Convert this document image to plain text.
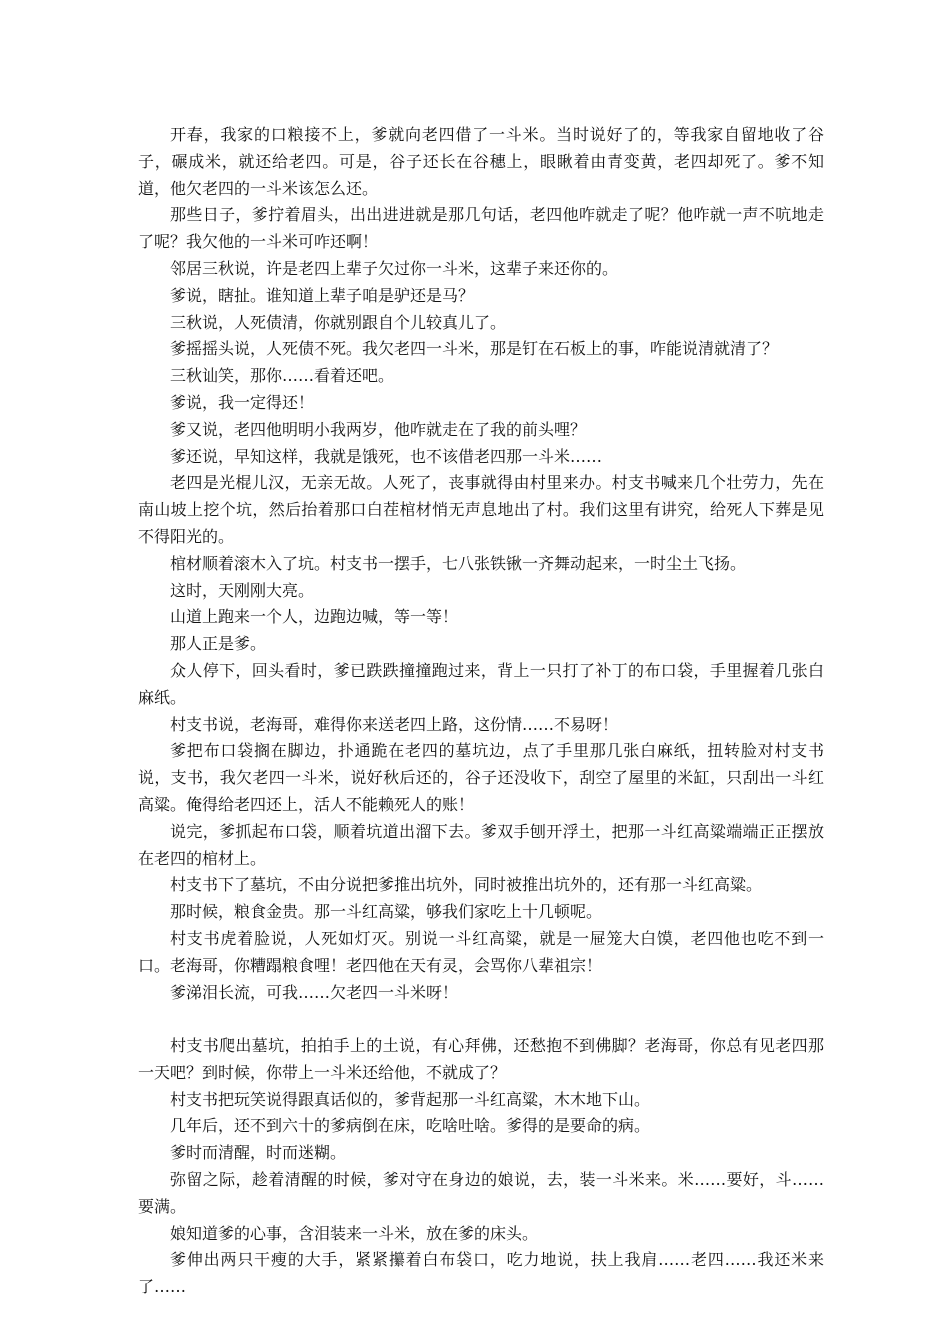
开春，我家的口粮接不上，爹就向老四借了一斗米。当时说好了的，等我家自留地收了谷子，碾成米，就还给老四。可是，谷子还长在谷穗上，眼瞅着由青变黄，老四却死了。爹不知道，他欠老四的一斗米该怎么还。

那些日子，爹拧着眉头，出出进进就是那几句话，老四他咋就走了呢？他咋就一声不吭地走了呢？我欠他的一斗米可咋还啊！

邻居三秋说，许是老四上辈子欠过你一斗米，这辈子来还你的。

爹说，瞎扯。谁知道上辈子咱是驴还是马？

三秋说，人死债清，你就别跟自个儿较真儿了。

爹摇摇头说，人死债不死。我欠老四一斗米，那是钉在石板上的事，咋能说清就清了？

三秋讪笑，那你……看着还吧。

爹说，我一定得还！

爹又说，老四他明明小我两岁，他咋就走在了我的前头哩？

爹还说，早知这样，我就是饿死，也不该借老四那一斗米……

老四是光棍儿汉，无亲无故。人死了，丧事就得由村里来办。村支书喊来几个壮劳力，先在南山坡上挖个坑，然后抬着那口白茬棺材悄无声息地出了村。我们这里有讲究，给死人下葬是见不得阳光的。

棺材顺着滚木入了坑。村支书一摆手，七八张铁锹一齐舞动起来，一时尘土飞扬。

这时，天刚刚大亮。

山道上跑来一个人，边跑边喊，等一等！

那人正是爹。

众人停下，回头看时，爹已跌跌撞撞跑过来，背上一只打了补丁的布口袋，手里握着几张白麻纸。

村支书说，老海哥，难得你来送老四上路，这份情……不易呀！

爹把布口袋搁在脚边，扑通跪在老四的墓坑边，点了手里那几张白麻纸，扭转脸对村支书说，支书，我欠老四一斗米，说好秋后还的，谷子还没收下，刮空了屋里的米缸，只刮出一斗红高粱。俺得给老四还上，活人不能赖死人的账！

说完，爹抓起布口袋，顺着坑道出溜下去。爹双手刨开浮土，把那一斗红高粱端端正正摆放在老四的棺材上。

村支书下了墓坑，不由分说把爹推出坑外，同时被推出坑外的，还有那一斗红高粱。

那时候，粮食金贵。那一斗红高粱，够我们家吃上十几顿呢。

村支书虎着脸说，人死如灯灭。别说一斗红高粱，就是一屉笼大白馍，老四他也吃不到一口。老海哥，你糟蹋粮食哩！老四他在天有灵，会骂你八辈祖宗！

爹涕泪长流，可我……欠老四一斗米呀！

村支书爬出墓坑，拍拍手上的土说，有心拜佛，还愁抱不到佛脚？老海哥，你总有见老四那一天吧？到时候，你带上一斗米还给他，不就成了？

村支书把玩笑说得跟真话似的，爹背起那一斗红高粱，木木地下山。

几年后，还不到六十的爹病倒在床，吃啥吐啥。爹得的是要命的病。

爹时而清醒，时而迷糊。

弥留之际，趁着清醒的时候，爹对守在身边的娘说，去，装一斗米来。米……要好，斗……要满。

娘知道爹的心事，含泪装来一斗米，放在爹的床头。

爹伸出两只干瘦的大手，紧紧攥着白布袋口，吃力地说，扶上我肩……老四……我还米来了……
